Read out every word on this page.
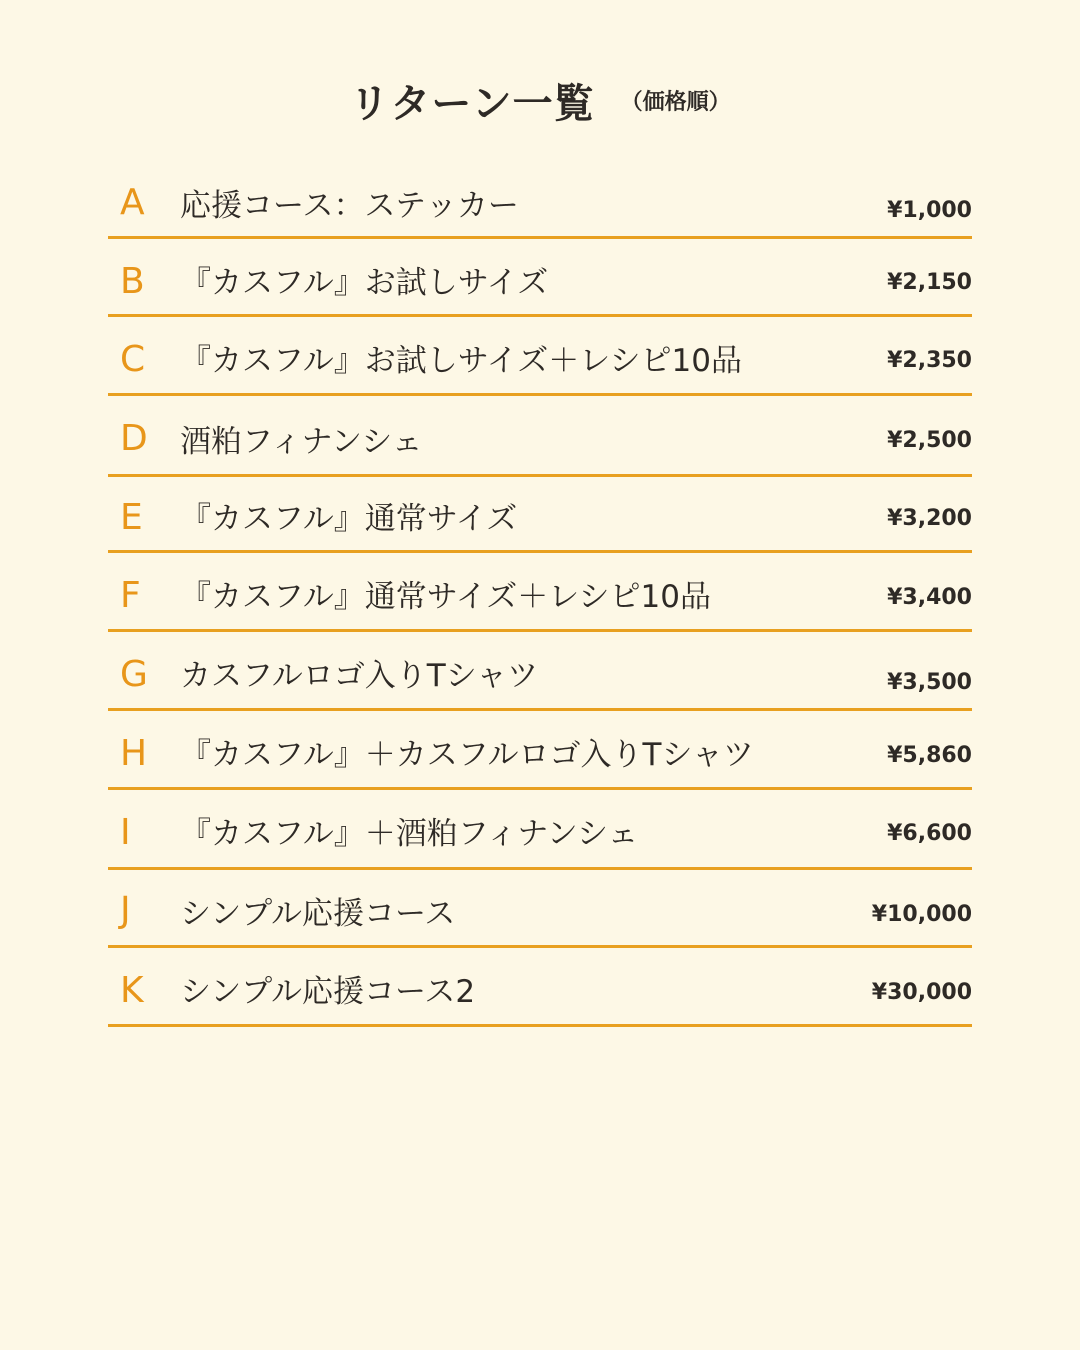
リターン一覧 （価格順）
A 応援コース：ステッカー	¥1,000
B 『カスフル』お試しサイズ	¥2,150
C 『カスフル』お試しサイズ＋レシピ10品	¥2,350
D 酒粕フィナンシェ	¥2,500
E 『カスフル』通常サイズ	¥3,200
F 『カスフル』通常サイズ＋レシピ10品	¥3,400
G カスフルロゴ入りTシャツ	¥3,500
H 『カスフル』＋カスフルロゴ入りTシャツ	¥5,860
I 『カスフル』＋酒粕フィナンシェ	¥6,600
J シンプル応援コース	¥10,000
K シンプル応援コース2	¥30,000
